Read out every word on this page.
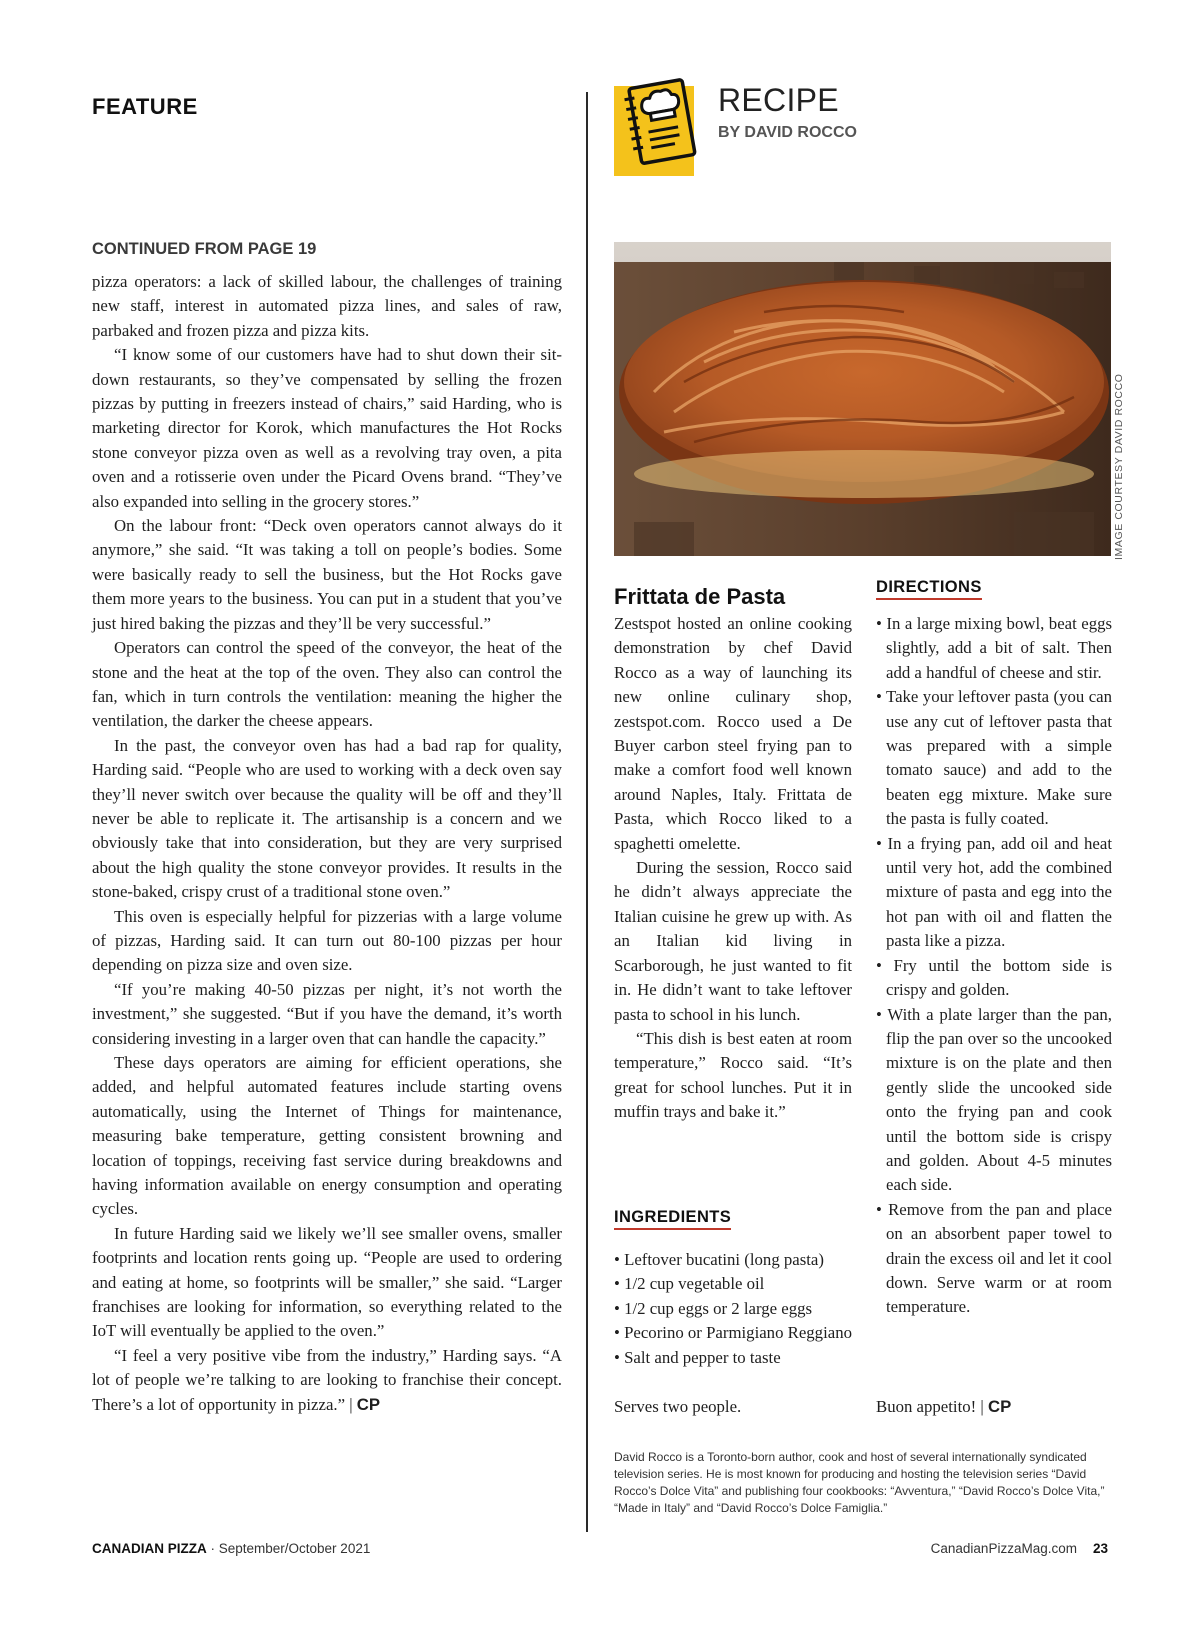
FEATURE
CONTINUED FROM PAGE 19

pizza operators: a lack of skilled labour, the challenges of training new staff, interest in automated pizza lines, and sales of raw, parbaked and frozen pizza and pizza kits.

“I know some of our customers have had to shut down their sit-down restaurants, so they’ve compensated by selling the frozen pizzas by putting in freezers instead of chairs,” said Harding, who is marketing director for Korok, which manufactures the Hot Rocks stone conveyor pizza oven as well as a revolving tray oven, a pita oven and a rotisserie oven under the Picard Ovens brand. “They’ve also expanded into selling in the grocery stores.”

On the labour front: “Deck oven operators cannot always do it anymore,” she said. “It was taking a toll on people’s bodies. Some were basically ready to sell the business, but the Hot Rocks gave them more years to the business. You can put in a student that you’ve just hired baking the pizzas and they’ll be very successful.”

Operators can control the speed of the conveyor, the heat of the stone and the heat at the top of the oven. They also can control the fan, which in turn controls the ventilation: meaning the higher the ventilation, the darker the cheese appears.

In the past, the conveyor oven has had a bad rap for quality, Harding said. “People who are used to working with a deck oven say they’ll never switch over because the quality will be off and they’ll never be able to replicate it. The artisanship is a concern and we obviously take that into consideration, but they are very surprised about the high quality the stone conveyor provides. It results in the stone-baked, crispy crust of a traditional stone oven.”

This oven is especially helpful for pizzerias with a large volume of pizzas, Harding said. It can turn out 80-100 pizzas per hour depending on pizza size and oven size.

“If you’re making 40-50 pizzas per night, it’s not worth the investment,” she suggested. “But if you have the demand, it’s worth considering investing in a larger oven that can handle the capacity.”

These days operators are aiming for efficient operations, she added, and helpful automated features include starting ovens automatically, using the Internet of Things for maintenance, measuring bake temperature, getting consistent browning and location of toppings, receiving fast service during breakdowns and having information available on energy consumption and operating cycles.

In future Harding said we likely we’ll see smaller ovens, smaller footprints and location rents going up. “People are used to ordering and eating at home, so footprints will be smaller,” she said. “Larger franchises are looking for information, so everything related to the IoT will eventually be applied to the oven.”

“I feel a very positive vibe from the industry,” Harding says. “A lot of people we’re talking to are looking to franchise their concept. There’s a lot of opportunity in pizza.” | CP

RECIPE
BY DAVID ROCCO
IMAGE COURTESY DAVID ROCCO
Frittata de Pasta

Zestspot hosted an online cooking demonstration by chef David Rocco as a way of launching its new online culinary shop, zestspot.com. Rocco used a De Buyer carbon steel frying pan to make a comfort food well known around Naples, Italy. Frittata de Pasta, which Rocco liked to a spaghetti omelette.

During the session, Rocco said he didn’t always appreciate the Italian cuisine he grew up with. As an Italian kid living in Scarborough, he just wanted to fit in. He didn’t want to take leftover pasta to school in his lunch.

“This dish is best eaten at room temperature,” Rocco said. “It’s great for school lunches. Put it in muffin trays and bake it.”

INGREDIENTS
• Leftover bucatini (long pasta)
• 1/2 cup vegetable oil
• 1/2 cup eggs or 2 large eggs
• Pecorino or Parmigiano Reggiano
• Salt and pepper to taste
Serves two people.
DIRECTIONS
• In a large mixing bowl, beat eggs slightly, add a bit of salt. Then add a handful of cheese and stir.
• Take your leftover pasta (you can use any cut of leftover pasta that was prepared with a simple tomato sauce) and add to the beaten egg mixture. Make sure the pasta is fully coated.
• In a frying pan, add oil and heat until very hot, add the combined mixture of pasta and egg into the hot pan with oil and flatten the pasta like a pizza.
• Fry until the bottom side is crispy and golden.
• With a plate larger than the pan, flip the pan over so the uncooked mixture is on the plate and then gently slide the uncooked side onto the frying pan and cook until the bottom side is crispy and golden. About 4-5 minutes each side.
• Remove from the pan and place on an absorbent paper towel to drain the excess oil and let it cool down. Serve warm or at room temperature.
Buon appetito! | CP
David Rocco is a Toronto-born author, cook and host of several internationally syndicated television series. He is most known for producing and hosting the television series “David Rocco’s Dolce Vita” and publishing four cookbooks: “Avventura,” “David Rocco’s Dolce Vita,” “Made in Italy” and “David Rocco’s Dolce Famiglia.”
CANADIAN PIZZA · September/October 2021	CanadianPizzaMag.com 23
